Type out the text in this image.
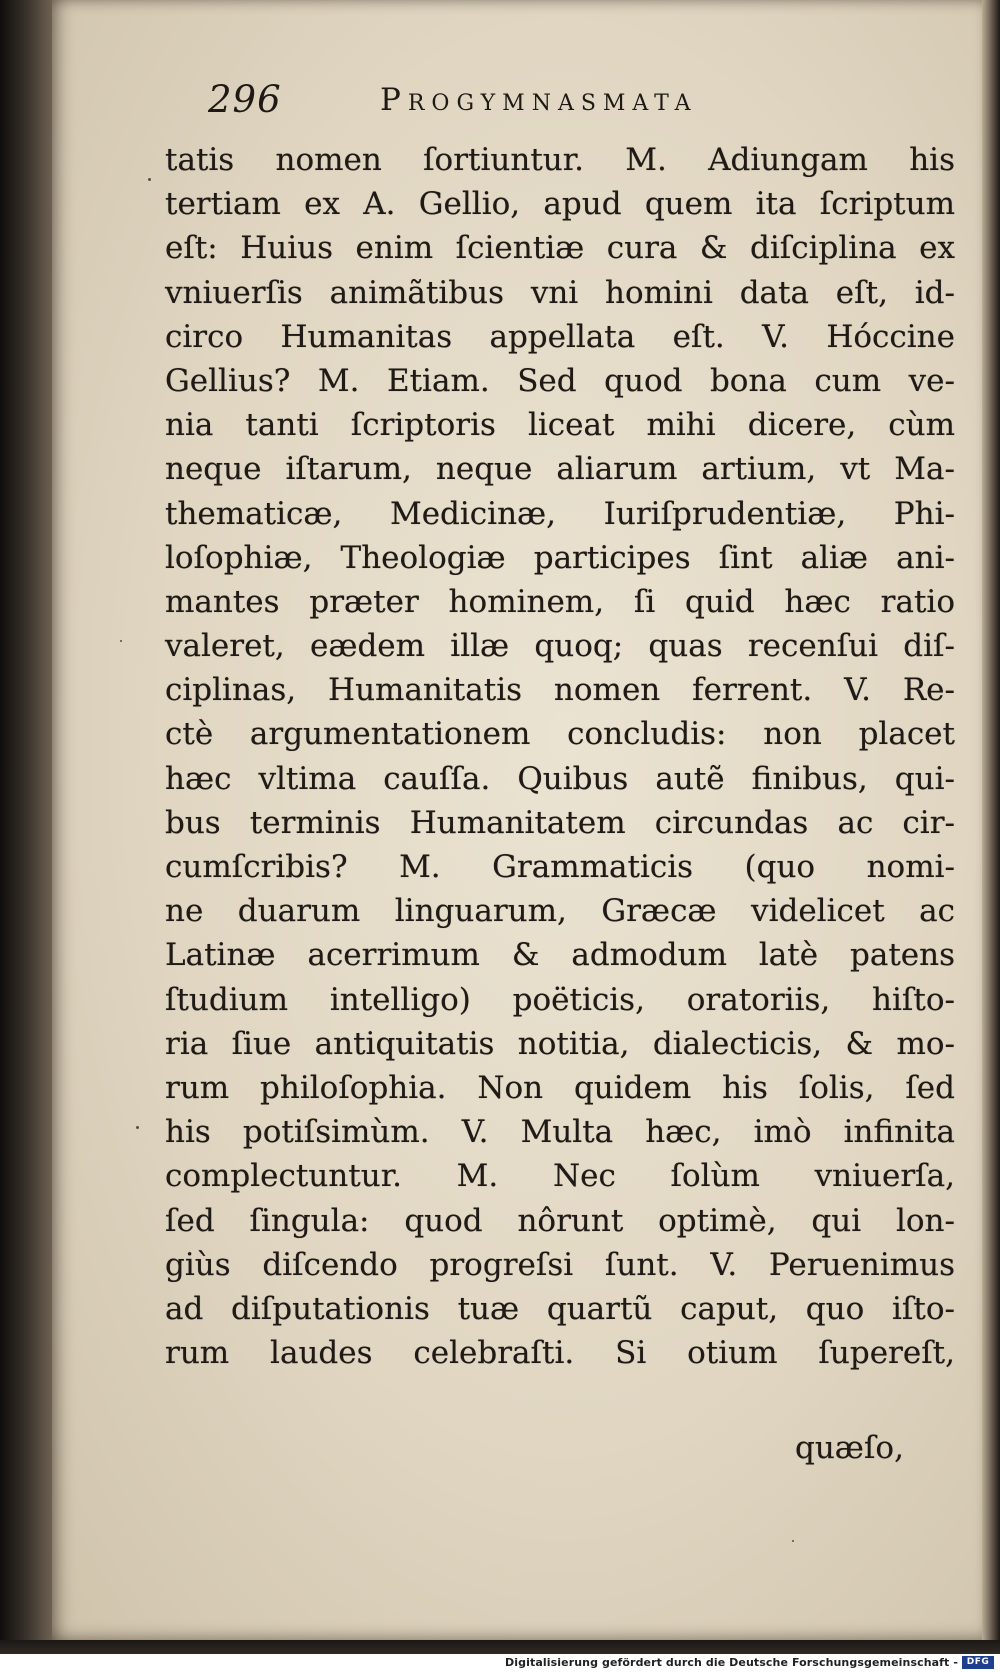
296	Progymnasmata
tatis nomen ſortiuntur. M. Adiungam his
tertiam ex A. Gellio, apud quem ita ſcriptum
eſt: Huius enim ſcientiæ cura & diſciplina ex
vniuerſis animãtibus vni homini data eſt, id-
circo Humanitas appellata eſt. V. Hóccine
Gellius? M. Etiam. Sed quod bona cum ve-
nia tanti ſcriptoris liceat mihi dicere, cùm
neque iſtarum, neque aliarum artium, vt Ma-
thematicæ, Medicinæ, Iuriſprudentiæ, Phi-
loſophiæ, Theologiæ participes ſint aliæ ani-
mantes præter hominem, ſi quid hæc ratio
valeret, eædem illæ quoq; quas recenſui diſ-
ciplinas, Humanitatis nomen ferrent. V. Re-
ctè argumentationem concludis: non placet
hæc vltima cauſſa. Quibus autẽ finibus, qui-
bus terminis Humanitatem circundas ac cir-
cumſcribis? M. Grammaticis (quo nomi-
ne duarum linguarum, Græcæ videlicet ac
Latinæ acerrimum & admodum latè patens
ſtudium intelligo) poëticis, oratoriis, hiſto-
ria ſiue antiquitatis notitia, dialecticis, & mo-
rum philoſophia. Non quidem his ſolis, ſed
his potiſsimùm. V. Multa hæc, imò infinita
complectuntur. M. Nec ſolùm vniuerſa,
ſed ſingula: quod nôrunt optimè, qui lon-
giùs diſcendo progreſsi ſunt. V. Peruenimus
ad diſputationis tuæ quartũ caput, quo iſto-
rum laudes celebraſti. Si otium ſupereſt,
quæſo,
Digitalisierung gefördert durch die Deutsche Forschungsgemeinschaft - DFG
